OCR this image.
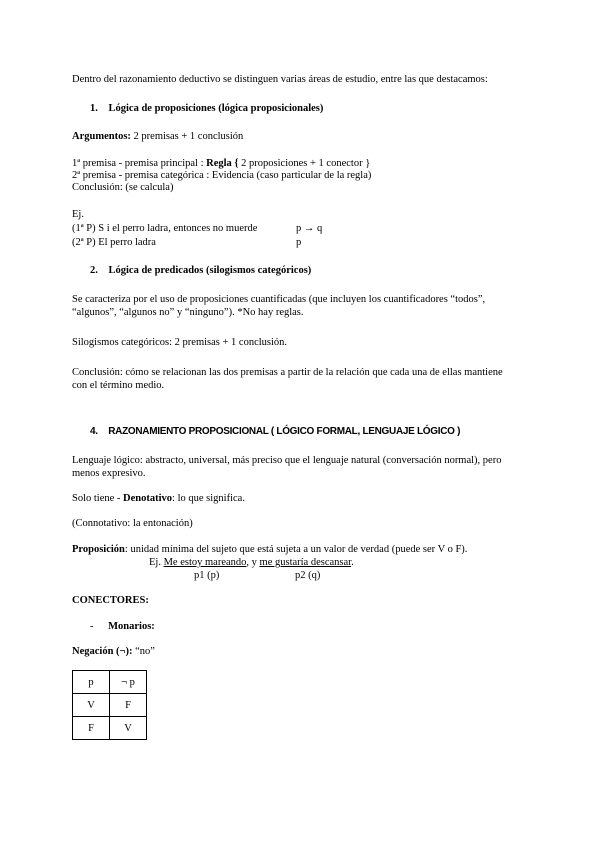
Dentro del razonamiento deductivo se distinguen varias áreas de estudio, entre las que destacamos:
1. Lógica de proposiciones (lógica proposicionales)
Argumentos: 2 premisas + 1 conclusión
1ª premisa - premisa principal : Regla { 2 proposiciones + 1 conector }
2ª premisa - premisa categórica : Evidencia (caso particular de la regla)
Conclusión: (se calcula)
Ej.
(1ª P) S i el perro ladra, entonces no muerde	p → q
(2ª P) El perro ladra	p
2. Lógica de predicados (silogismos categóricos)
Se caracteriza por el uso de proposiciones cuantificadas (que incluyen los cuantificadores “todos”,
“algunos”, “algunos no” y “ninguno”). *No hay reglas.
Silogismos categóricos: 2 premisas + 1 conclusión.
Conclusión: cómo se relacionan las dos premisas a partir de la relación que cada una de ellas mantiene
con el término medio.
4. RAZONAMIENTO PROPOSICIONAL ( LÓGICO FORMAL, LENGUAJE LÓGICO )
Lenguaje lógico: abstracto, universal, más preciso que el lenguaje natural (conversación normal), pero
menos expresivo.
Solo tiene - Denotativo: lo que significa.
(Connotativo: la entonación)
Proposición: unidad mínima del sujeto que está sujeta a un valor de verdad (puede ser V o F).
Ej. Me estoy mareando, y me gustaría descansar.
p1 (p)	p2 (q)
CONECTORES:
- Monarios:
Negación (¬): “no”
p	¬ p
V	F
F	V
